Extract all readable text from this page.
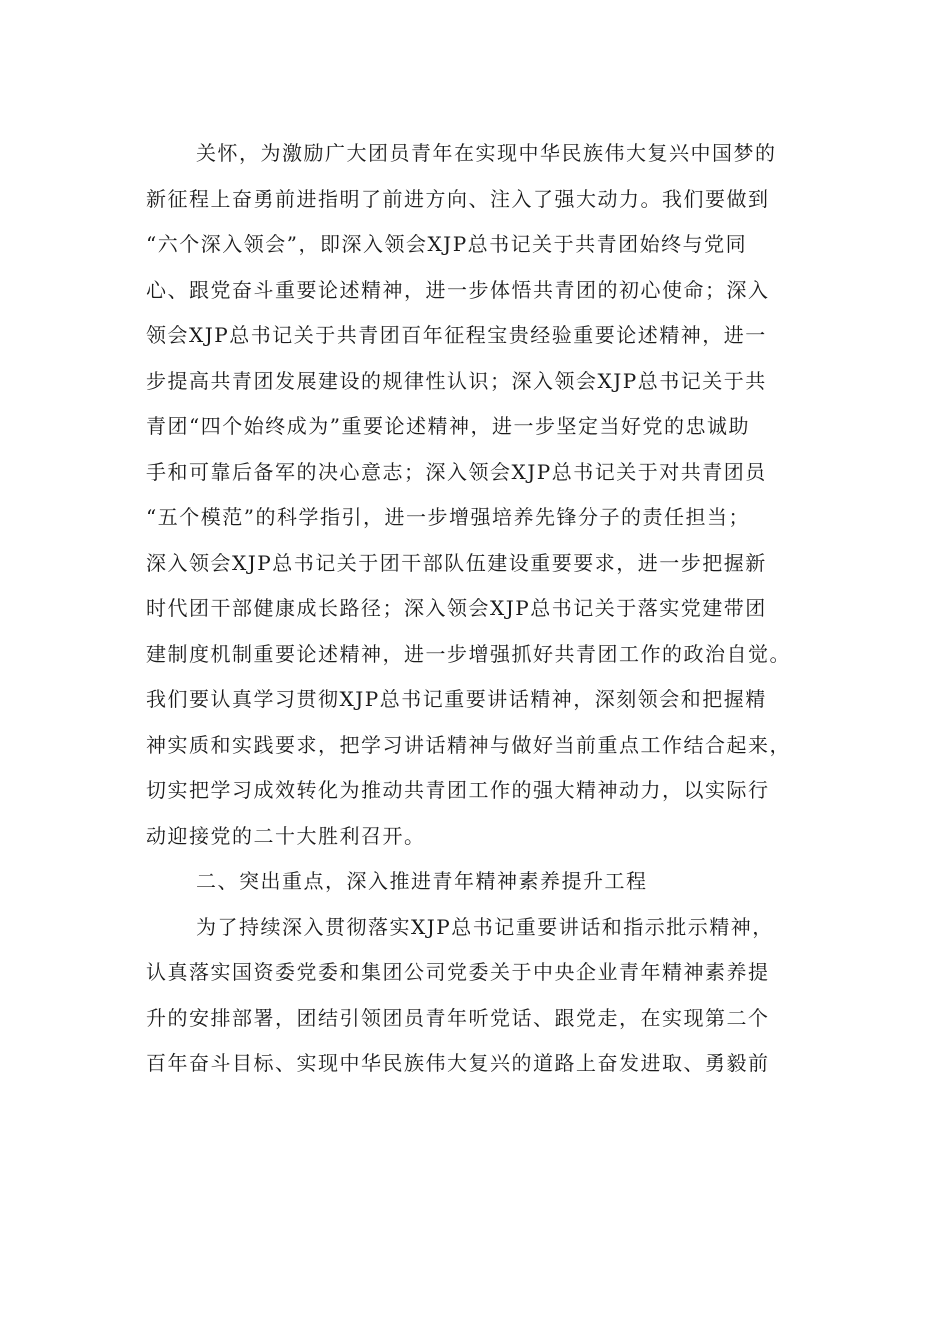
关怀，为激励广大团员青年在实现中华民族伟大复兴中国梦的
新征程上奋勇前进指明了前进方向、注入了强大动力。我们要做到
“六个深入领会”，即深入领会XJP总书记关于共青团始终与党同
心、跟党奋斗重要论述精神，进一步体悟共青团的初心使命；深入
领会XJP总书记关于共青团百年征程宝贵经验重要论述精神，进一
步提高共青团发展建设的规律性认识；深入领会XJP总书记关于共
青团“四个始终成为”重要论述精神，进一步坚定当好党的忠诚助
手和可靠后备军的决心意志；深入领会XJP总书记关于对共青团员
“五个模范”的科学指引，进一步增强培养先锋分子的责任担当；
深入领会XJP总书记关于团干部队伍建设重要要求，进一步把握新
时代团干部健康成长路径；深入领会XJP总书记关于落实党建带团
建制度机制重要论述精神，进一步增强抓好共青团工作的政治自觉。
我们要认真学习贯彻XJP总书记重要讲话精神，深刻领会和把握精
神实质和实践要求，把学习讲话精神与做好当前重点工作结合起来，
切实把学习成效转化为推动共青团工作的强大精神动力，以实际行
动迎接党的二十大胜利召开。
二、突出重点，深入推进青年精神素养提升工程
为了持续深入贯彻落实XJP总书记重要讲话和指示批示精神，
认真落实国资委党委和集团公司党委关于中央企业青年精神素养提
升的安排部署，团结引领团员青年听党话、跟党走，在实现第二个
百年奋斗目标、实现中华民族伟大复兴的道路上奋发进取、勇毅前
